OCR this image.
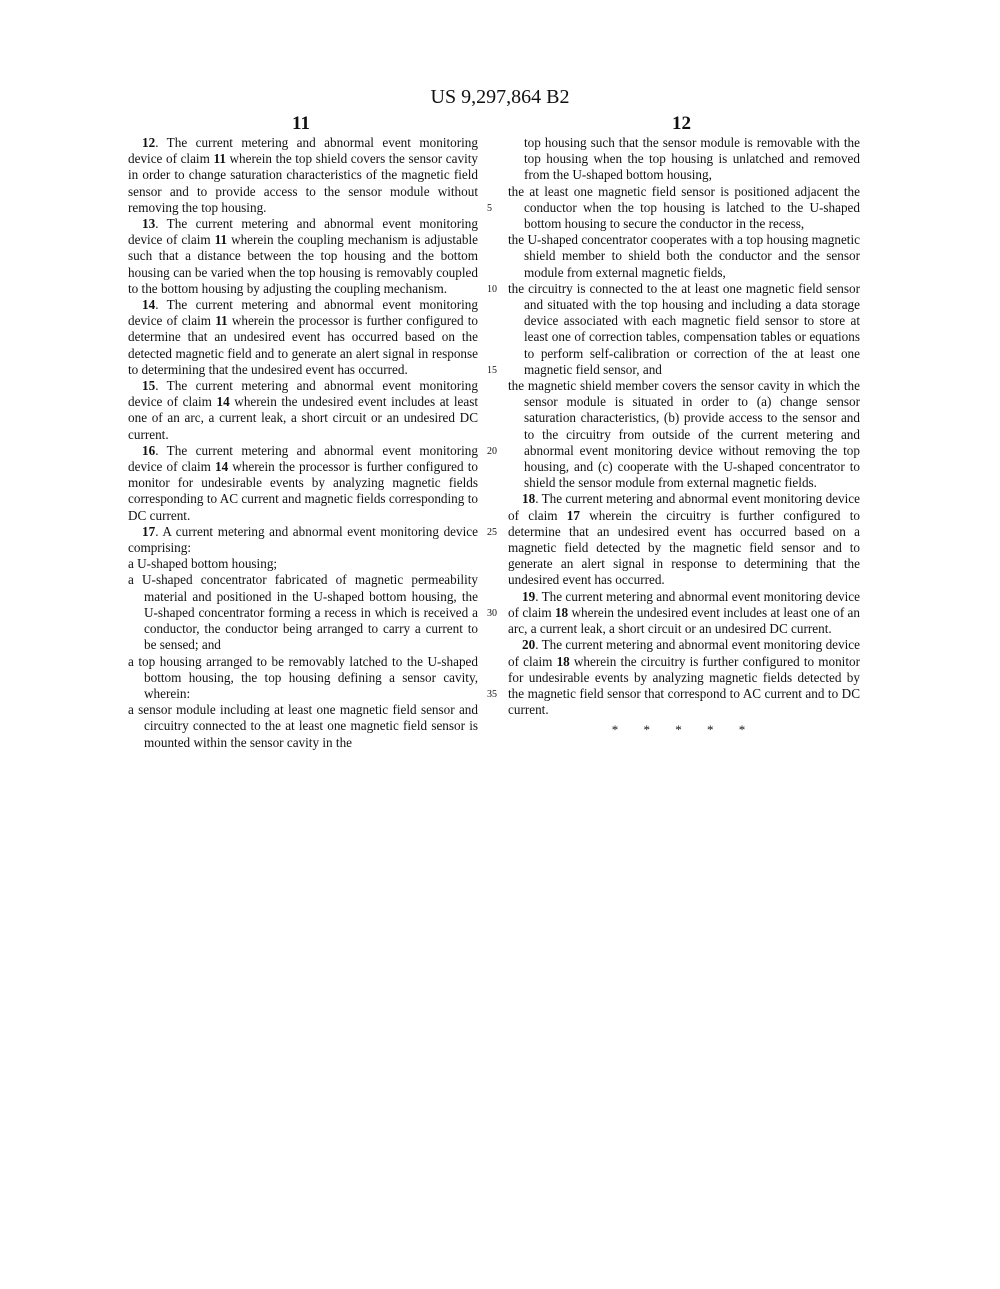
US 9,297,864 B2
11	12
5
10
15
20
25
30
35

12. The current metering and abnormal event monitoring device of claim 11 wherein the top shield covers the sensor cavity in order to change saturation characteristics of the magnetic field sensor and to provide access to the sensor module without removing the top housing.

13. The current metering and abnormal event monitoring device of claim 11 wherein the coupling mechanism is adjustable such that a distance between the top housing and the bottom housing can be varied when the top housing is removably coupled to the bottom housing by adjusting the coupling mechanism.

14. The current metering and abnormal event monitoring device of claim 11 wherein the processor is further configured to determine that an undesired event has occurred based on the detected magnetic field and to generate an alert signal in response to determining that the undesired event has occurred.

15. The current metering and abnormal event monitoring device of claim 14 wherein the undesired event includes at least one of an arc, a current leak, a short circuit or an undesired DC current.

16. The current metering and abnormal event monitoring device of claim 14 wherein the processor is further configured to monitor for undesirable events by analyzing magnetic fields corresponding to AC current and magnetic fields corresponding to DC current.

17. A current metering and abnormal event monitoring device comprising:

a U-shaped bottom housing;

a U-shaped concentrator fabricated of magnetic permeability material and positioned in the U-shaped bottom housing, the U-shaped concentrator forming a recess in which is received a conductor, the conductor being arranged to carry a current to be sensed; and

a top housing arranged to be removably latched to the U-shaped bottom housing, the top housing defining a sensor cavity, wherein:

a sensor module including at least one magnetic field sensor and circuitry connected to the at least one magnetic field sensor is mounted within the sensor cavity in the

top housing such that the sensor module is removable with the top housing when the top housing is unlatched and removed from the U-shaped bottom housing,

the at least one magnetic field sensor is positioned adjacent the conductor when the top housing is latched to the U-shaped bottom housing to secure the conductor in the recess,

the U-shaped concentrator cooperates with a top housing magnetic shield member to shield both the conductor and the sensor module from external magnetic fields,

the circuitry is connected to the at least one magnetic field sensor and situated with the top housing and including a data storage device associated with each magnetic field sensor to store at least one of correction tables, compensation tables or equations to perform self-calibration or correction of the at least one magnetic field sensor, and

the magnetic shield member covers the sensor cavity in which the sensor module is situated in order to (a) change sensor saturation characteristics, (b) provide access to the sensor and to the circuitry from outside of the current metering and abnormal event monitoring device without removing the top housing, and (c) cooperate with the U-shaped concentrator to shield the sensor module from external magnetic fields.

18. The current metering and abnormal event monitoring device of claim 17 wherein the circuitry is further configured to determine that an undesired event has occurred based on a magnetic field detected by the magnetic field sensor and to generate an alert signal in response to determining that the undesired event has occurred.

19. The current metering and abnormal event monitoring device of claim 18 wherein the undesired event includes at least one of an arc, a current leak, a short circuit or an undesired DC current.

20. The current metering and abnormal event monitoring device of claim 18 wherein the circuitry is further configured to monitor for undesirable events by analyzing magnetic fields detected by the magnetic field sensor that correspond to AC current and to DC current.

* * * * *
